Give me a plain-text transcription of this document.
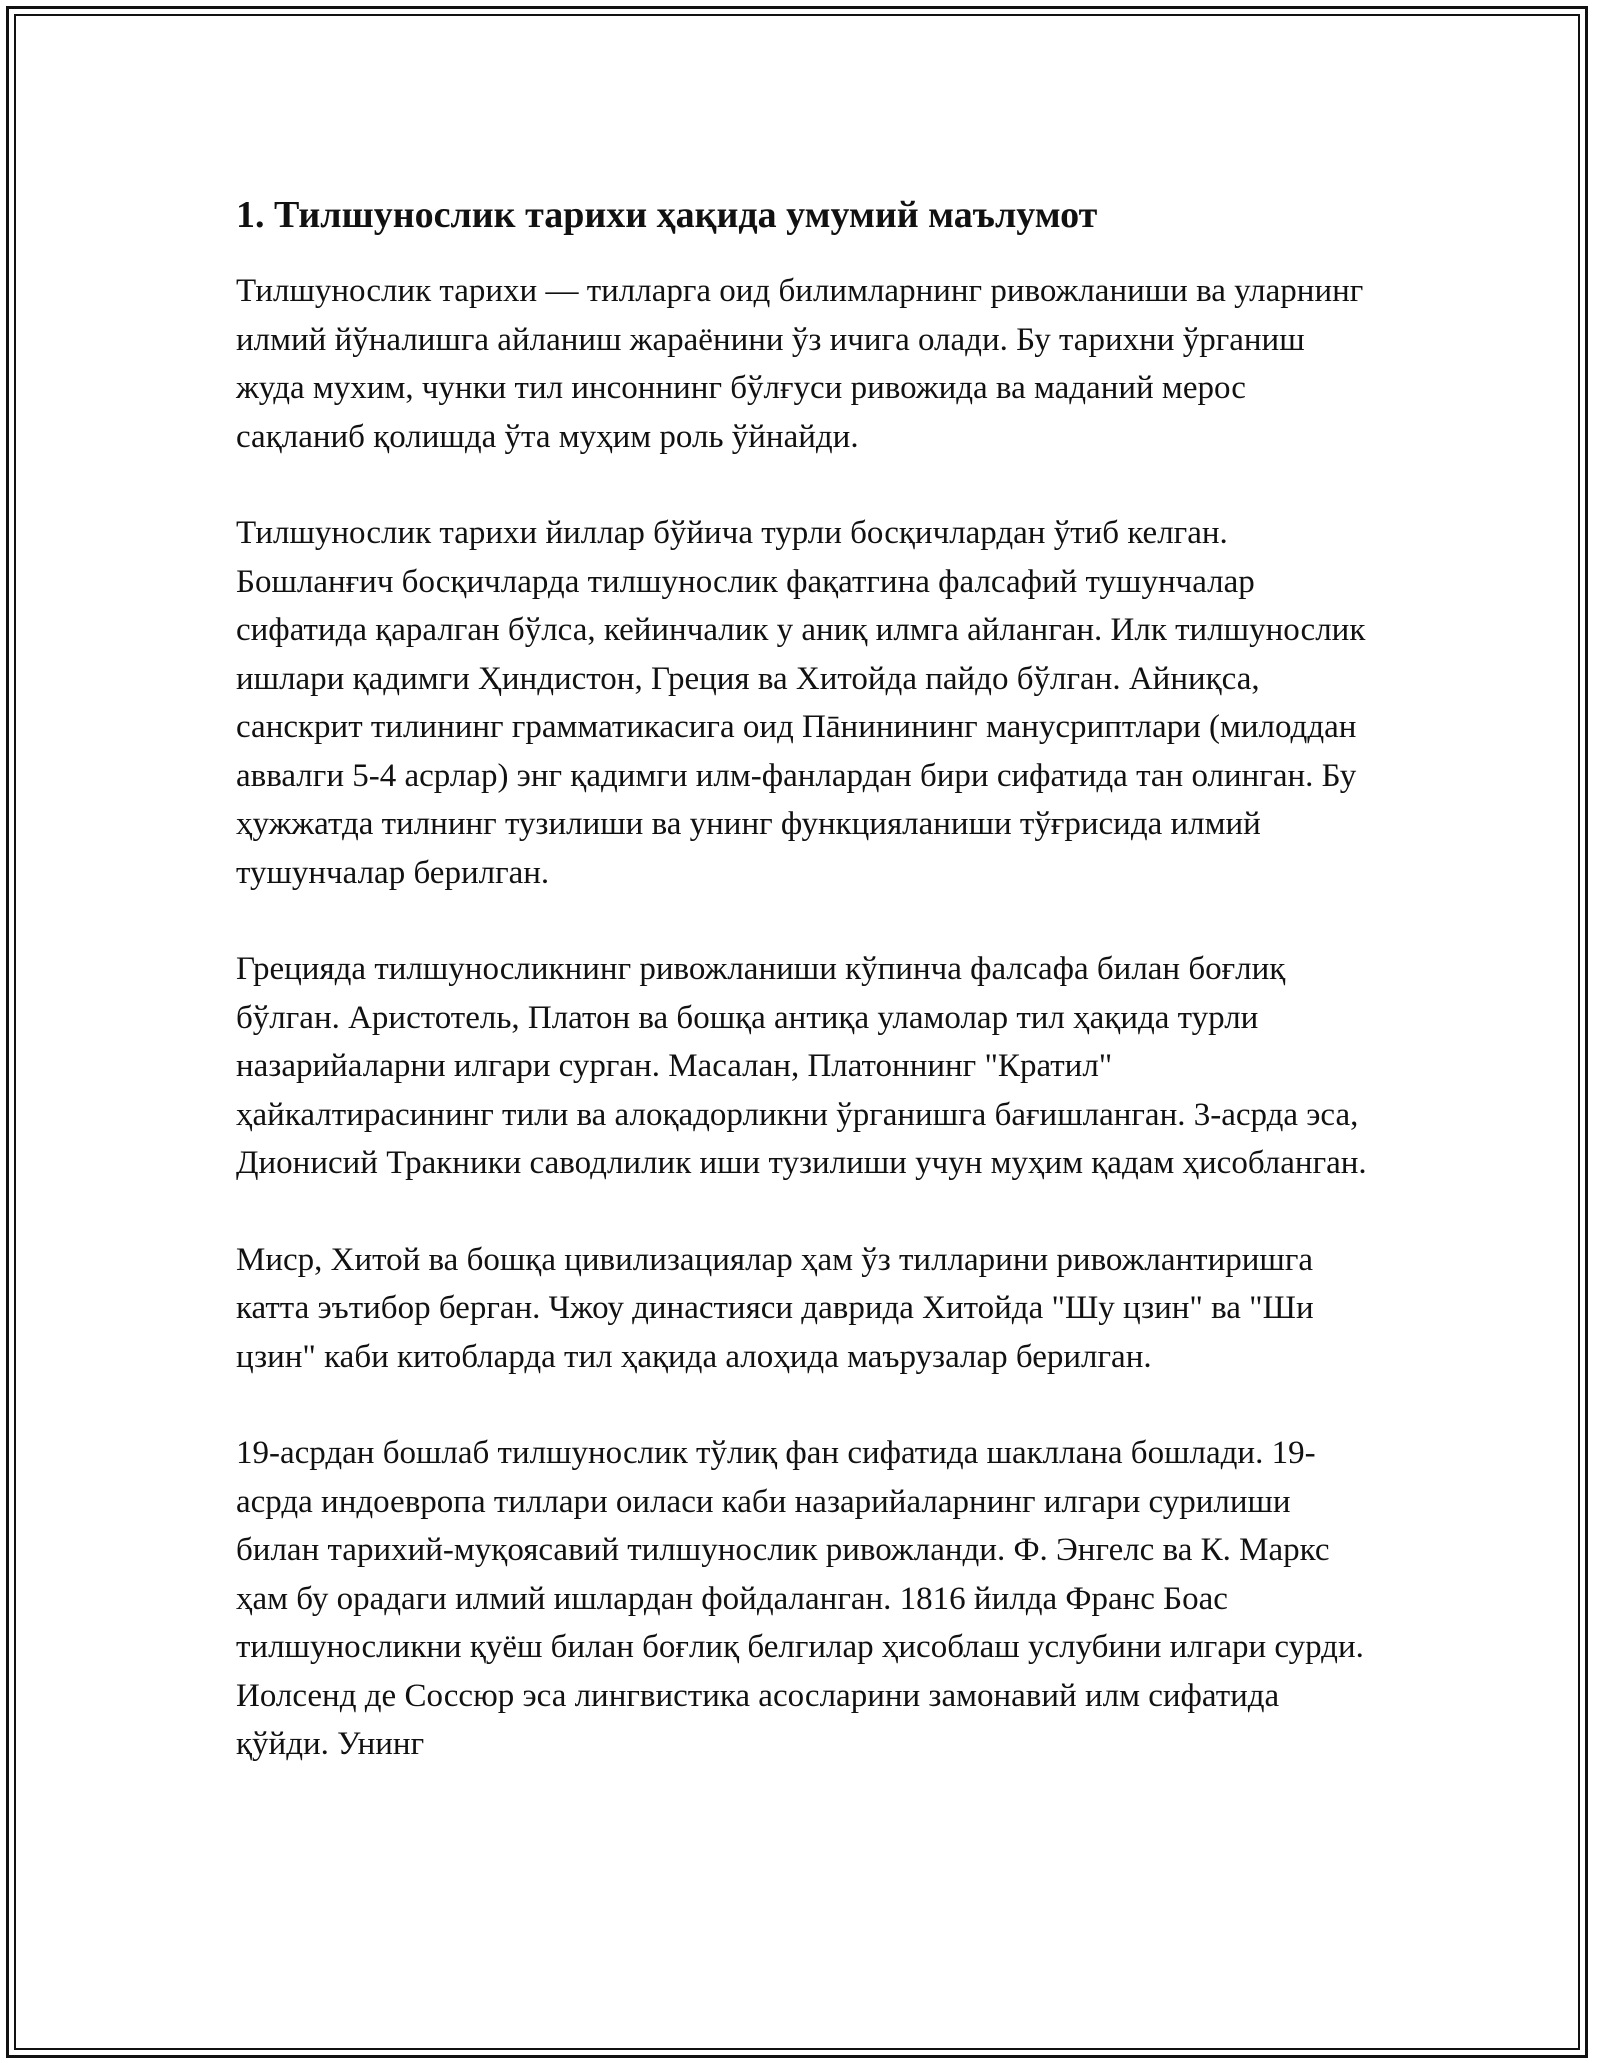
1. Тилшунослик тарихи ҳақида умумий маълумот

Тилшунослик тарихи — тилларга оид билимларнинг ривожланиши ва уларнинг илмий йўналишга айланиш жараёнини ўз ичига олади. Бу тарихни ўрганиш жуда мухим, чунки тил инсоннинг бўлғуси ривожида ва маданий мерос сақланиб қолишда ўта муҳим роль ўйнайди.

Тилшунослик тарихи йиллар бўйича турли босқичлардан ўтиб келган. Бошланғич босқичларда тилшунослик фақатгина фалсафий тушунчалар сифатида қаралган бўлса, кейинчалик у аниқ илмга айланган. Илк тилшунослик ишлари қадимги Ҳиндистон, Греция ва Хитойда пайдо бўлган. Айниқса, санскрит тилининг грамматикасига оид Пāнинининг манусриптлари (милоддан аввалги 5-4 асрлар) энг қадимги илм-фанлардан бири сифатида тан олинган. Бу ҳужжатда тилнинг тузилиши ва унинг функцияланиши тўғрисида илмий тушунчалар берилган.

Грецияда тилшуносликнинг ривожланиши кўпинча фалсафа билан боғлиқ бўлган. Аристотель, Платон ва бошқа антиқа уламолар тил ҳақида турли назарийаларни илгари сурган. Масалан, Платоннинг "Кратил" ҳайкалтирасининг тили ва алоқадорликни ўрганишга бағишланган. 3-асрда эса, Дионисий Тракники саводлилик иши тузилиши учун муҳим қадам ҳисобланган.

Миср, Хитой ва бошқа цивилизациялар ҳам ўз тилларини ривожлантиришга катта эътибор берган. Чжоу династияси даврида Хитойда "Шу цзин" ва "Ши цзин" каби китобларда тил ҳақида алоҳида маърузалар берилган.

19-асрдан бошлаб тилшунослик тўлиқ фан сифатида шакллана бошлади. 19-асрда индоевропа тиллари оиласи каби назарийаларнинг илгари сурилиши билан тарихий-муқоясавий тилшунослик ривожланди. Ф. Энгелс ва К. Маркс ҳам бу орадаги илмий ишлардан фойдаланган. 1816 йилда Франс Боас тилшуносликни қуёш билан боғлиқ белгилар ҳисоблаш услубини илгари сурди. Иолсенд де Соссюр эса лингвистика асосларини замонавий илм сифатида қўйди. Унинг
